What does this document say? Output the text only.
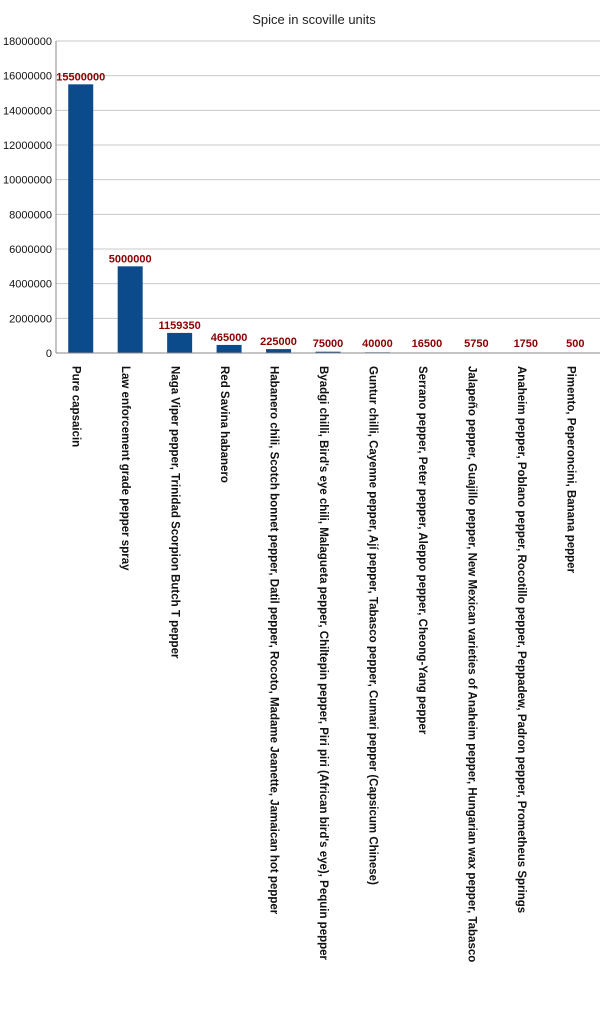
Spice in scoville units
0
2000000
4000000
6000000
8000000
10000000
12000000
14000000
16000000
18000000
15500000
5000000
1159350
465000 225000 75000 40000 16500 5750 1750	500
Pure capsaicin	Law enforcement grade pepper spray	Naga Viper pepper, Trinidad Scorpion Butch T pepper	Red Savina habanero	Habanero chili, Scotch bonnet pepper, Datil pepper, Rocoto, Madame Jeanette, Jamaican hot pepper	Byadgi chilli, Bird's eye chili, Malagueta pepper, Chiltepin pepper, Piri piri (African bird's eye), Pequin pepper	Guntur chilli, Cayenne pepper, Ají pepper, Tabasco pepper, Cumari pepper (Capsicum Chinese)	Serrano pepper, Peter pepper, Aleppo pepper, Cheong-Yang pepper	Jalapeño pepper, Guajillo pepper, New Mexican varieties of Anaheim pepper, Hungarian wax pepper, Tabasco	Anaheim pepper, Poblano pepper, Rocotillo pepper, Peppadew, Padron pepper, Prometheus Springs	Pimento, Peperoncini, Banana pepper
